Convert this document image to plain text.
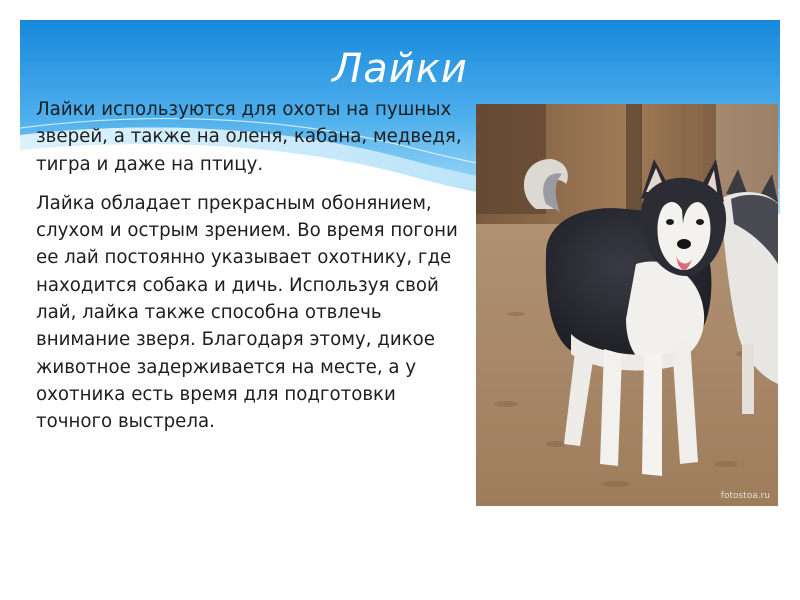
Лайки

Лайки используются для охоты на пушных зверей, а также на оленя, кабана, медведя, тигра и даже на птицу.

Лайка обладает прекрасным обонянием, слухом и острым зрением. Во время погони ее лай постоянно указывает охотнику, где находится собака и дичь. Используя свой лай, лайка также способна отвлечь внимание зверя. Благодаря этому, дикое животное задерживается на месте, а у охотника есть время для подготовки точного выстрела.

fotostoa.ru
